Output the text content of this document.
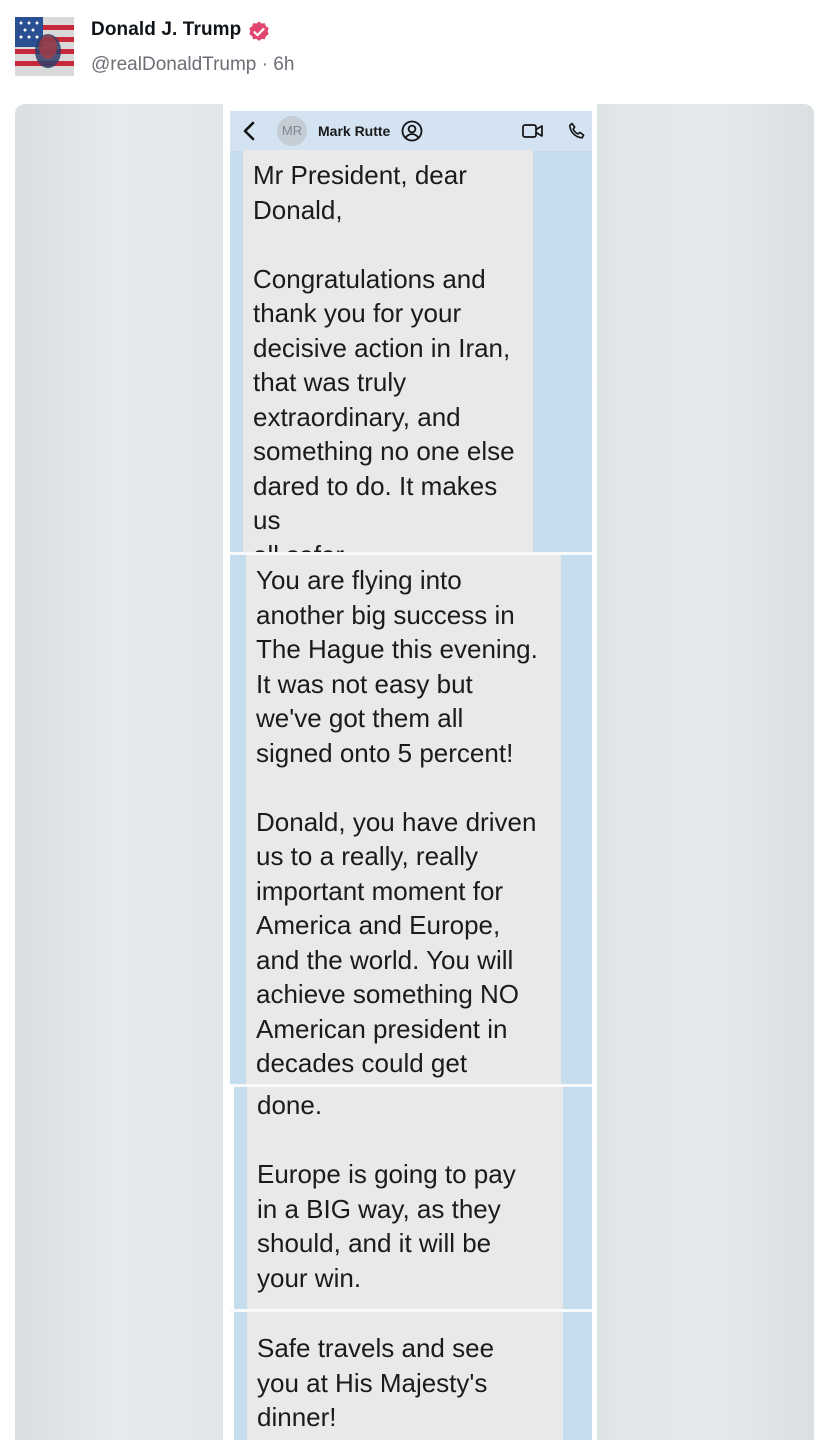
Donald J. Trump
@realDonaldTrump · 6h
MR	Mark Rutte
Mr President, dear
Donald,

Congratulations and
thank you for your
decisive action in Iran,
that was truly
extraordinary, and
something no one else
dared to do. It makes us

You are flying into
another big success in
The Hague this evening.
It was not easy but
we've got them all
signed onto 5 percent!

Donald, you have driven
us to a really, really
important moment for
America and Europe,
and the world. You will
achieve something NO
American president in
decades could get
done.

Europe is going to pay
in a BIG way, as they
should, and it will be
your win.
Safe travels and see
you at His Majesty's
dinner!
